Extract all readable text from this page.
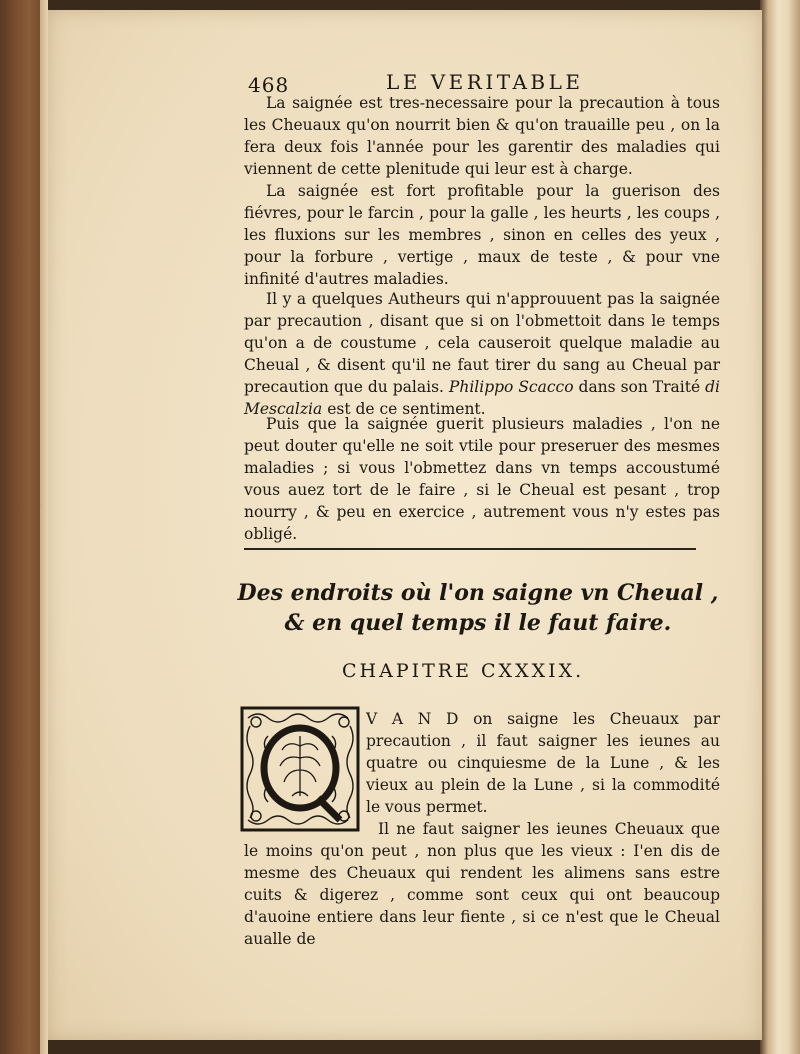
468	LE VERITABLE

La saignée est tres-necessaire pour la precaution à tous les Cheuaux qu'on nourrit bien & qu'on trauaille peu , on la fera deux fois l'année pour les garentir des maladies qui viennent de cette plenitude qui leur est à charge.

La saignée est fort profitable pour la guerison des fiévres, pour le farcin , pour la galle , les heurts , les coups , les fluxions sur les membres , sinon en celles des yeux , pour la forbure , vertige , maux de teste , & pour vne infinité d'autres maladies.

Il y a quelques Autheurs qui n'approuuent pas la saignée par precaution , disant que si on l'obmettoit dans le temps qu'on a de coustume , cela causeroit quelque maladie au Cheual , & disent qu'il ne faut tirer du sang au Cheual par precaution que du palais. Philippo Scacco dans son Traité di Mescalzia est de ce sentiment.

Puis que la saignée guerit plusieurs maladies , l'on ne peut douter qu'elle ne soit vtile pour preseruer des mesmes maladies ; si vous l'obmettez dans vn temps accoustumé vous auez tort de le faire , si le Cheual est pesant , trop nourry , & peu en exercice , autrement vous n'y estes pas obligé.

Des endroits où l'on saigne vn Cheual , & en quel temps il le faut faire.
CHAPITRE CXXXIX.
Q

V A N D on saigne les Cheuaux par precaution , il faut saigner les ieunes au quatre ou cinquiesme de la Lune , & les vieux au plein de la Lune , si la commodité le vous permet.

Il ne faut saigner les ieunes Cheuaux que le moins qu'on peut , non plus que les vieux : I'en dis de mesme des Cheuaux qui rendent les alimens sans estre cuits & digerez , comme sont ceux qui ont beaucoup d'auoine entiere dans leur fiente , si ce n'est que le Cheual aualle de
